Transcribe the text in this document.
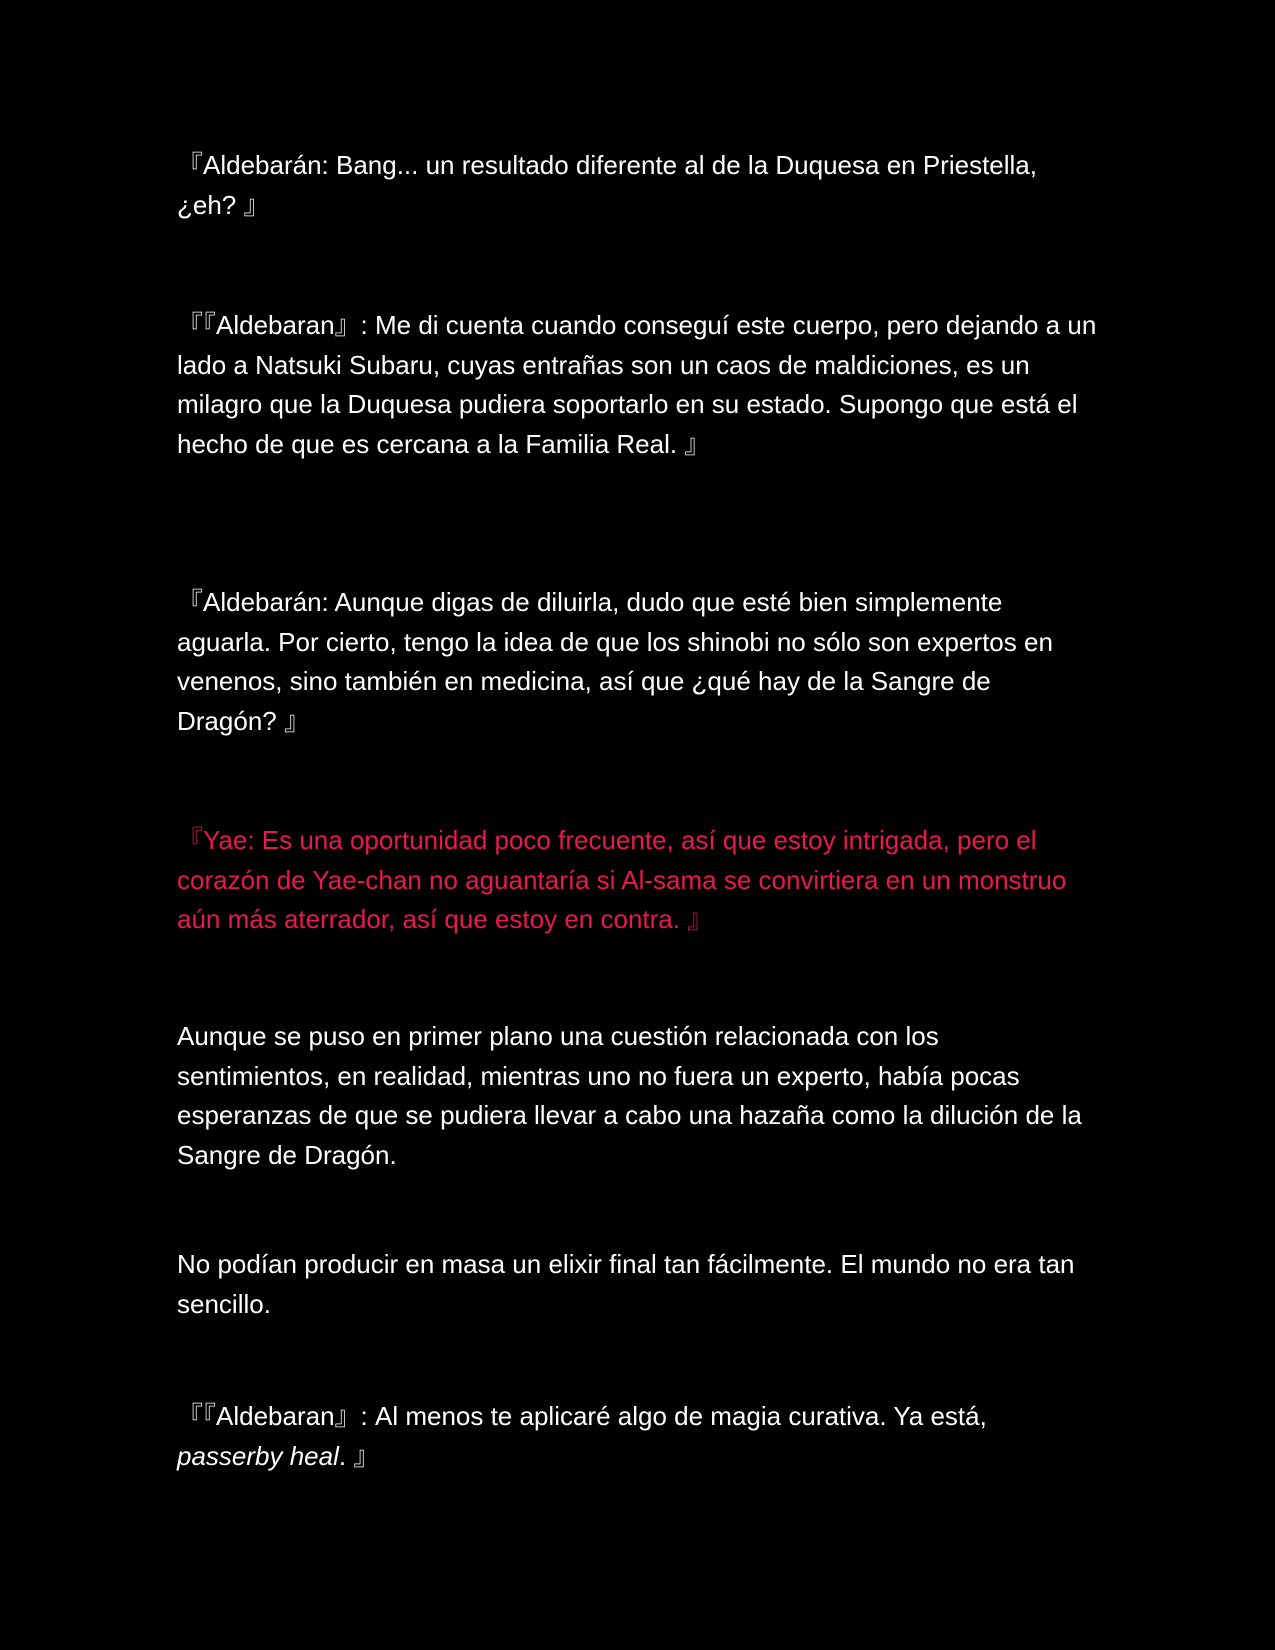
『Aldebarán: Bang... un resultado diferente al de la Duquesa en Priestella, ¿eh? 』

『『Aldebaran』: Me di cuenta cuando conseguí este cuerpo, pero dejando a un lado a Natsuki Subaru, cuyas entrañas son un caos de maldiciones, es un milagro que la Duquesa pudiera soportarlo en su estado. Supongo que está el hecho de que es cercana a la Familia Real. 』

『Aldebarán: Aunque digas de diluirla, dudo que esté bien simplemente aguarla. Por cierto, tengo la idea de que los shinobi no sólo son expertos en venenos, sino también en medicina, así que ¿qué hay de la Sangre de Dragón? 』

『Yae: Es una oportunidad poco frecuente, así que estoy intrigada, pero el corazón de Yae-chan no aguantaría si Al-sama se convirtiera en un monstruo aún más aterrador, así que estoy en contra. 』

Aunque se puso en primer plano una cuestión relacionada con los sentimientos, en realidad, mientras uno no fuera un experto, había pocas esperanzas de que se pudiera llevar a cabo una hazaña como la dilución de la Sangre de Dragón.

No podían producir en masa un elixir final tan fácilmente. El mundo no era tan sencillo.

『『Aldebaran』: Al menos te aplicaré algo de magia curativa. Ya está, passerby heal. 』
